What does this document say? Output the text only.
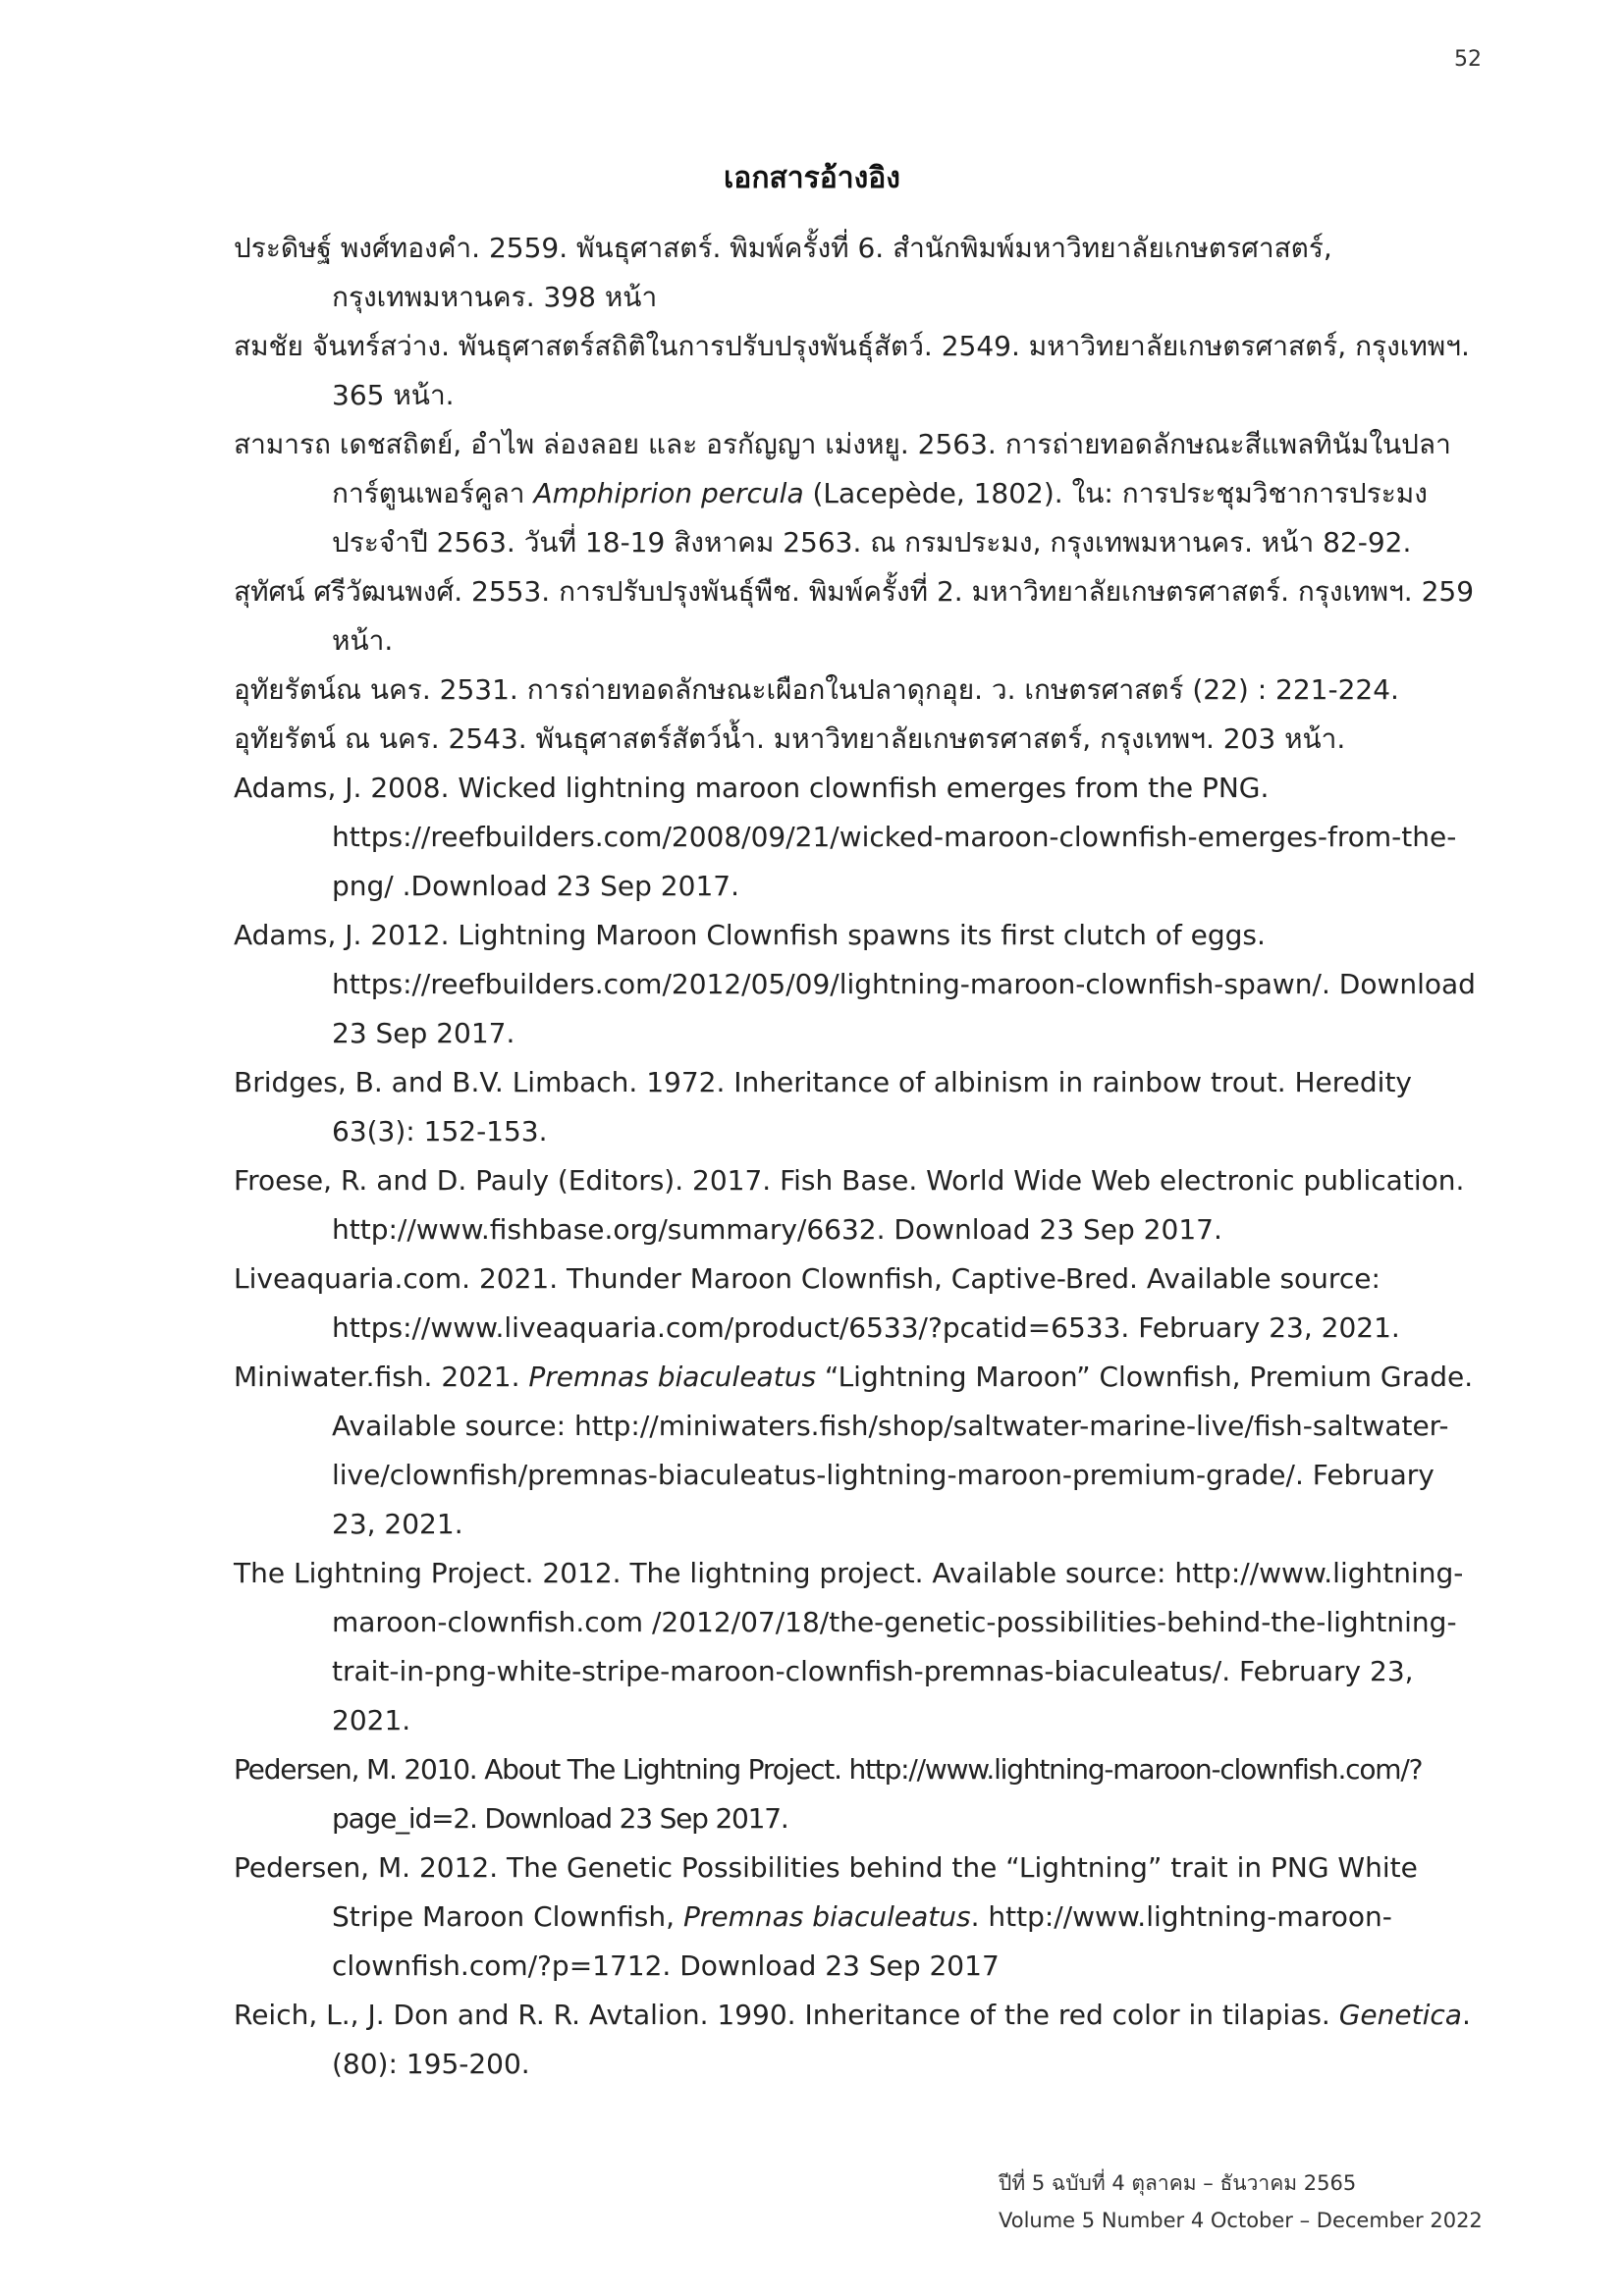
52
เอกสารอ้างอิง
ประดิษฐ์ พงศ์ทองคำ. 2559. พันธุศาสตร์. พิมพ์ครั้งที่ 6. สำนักพิมพ์มหาวิทยาลัยเกษตรศาสตร์, กรุงเทพมหานคร. 398 หน้า
สมชัย จันทร์สว่าง. พันธุศาสตร์สถิติในการปรับปรุงพันธุ์สัตว์. 2549. มหาวิทยาลัยเกษตรศาสตร์, กรุงเทพฯ. 365 หน้า.
สามารถ เดชสถิตย์, อำไพ ล่องลอย และ อรกัญญา เม่งหยู. 2563. การถ่ายทอดลักษณะสีแพลทินัมในปลาการ์ตูนเพอร์คูลา Amphiprion percula (Lacepède, 1802). ใน: การประชุมวิชาการประมงประจำปี 2563. วันที่ 18-19 สิงหาคม 2563. ณ กรมประมง, กรุงเทพมหานคร. หน้า 82-92.
สุทัศน์ ศรีวัฒนพงศ์. 2553. การปรับปรุงพันธุ์พืช. พิมพ์ครั้งที่ 2. มหาวิทยาลัยเกษตรศาสตร์. กรุงเทพฯ. 259 หน้า.
อุทัยรัตน์ณ นคร. 2531. การถ่ายทอดลักษณะเผือกในปลาดุกอุย. ว. เกษตรศาสตร์ (22) : 221-224.
อุทัยรัตน์ ณ นคร. 2543. พันธุศาสตร์สัตว์น้ำ. มหาวิทยาลัยเกษตรศาสตร์, กรุงเทพฯ. 203 หน้า.
Adams, J. 2008. Wicked lightning maroon clownfish emerges from the PNG. https://reefbuilders.com/2008/09/21/wicked-maroon-clownfish-emerges-from-the-png/ .Download 23 Sep 2017.
Adams, J. 2012. Lightning Maroon Clownfish spawns its first clutch of eggs. https://reefbuilders.com/2012/05/09/lightning-maroon-clownfish-spawn/. Download 23 Sep 2017.
Bridges, B. and B.V. Limbach. 1972. Inheritance of albinism in rainbow trout. Heredity 63(3): 152-153.
Froese, R. and D. Pauly (Editors). 2017. Fish Base. World Wide Web electronic publication. http://www.fishbase.org/summary/6632. Download 23 Sep 2017.
Liveaquaria.com. 2021. Thunder Maroon Clownfish, Captive-Bred. Available source: https://www.liveaquaria.com/product/6533/?pcatid=6533. February 23, 2021.
Miniwater.fish. 2021. Premnas biaculeatus “Lightning Maroon” Clownfish, Premium Grade. Available source: http://miniwaters.fish/shop/saltwater-marine-live/fish-saltwater-live/clownfish/premnas-biaculeatus-lightning-maroon-premium-grade/. February 23, 2021.
The Lightning Project. 2012. The lightning project. Available source: http://www.lightning-maroon-clownfish.com /2012/07/18/the-genetic-possibilities-behind-the-lightning-trait-in-png-white-stripe-maroon-clownfish-premnas-biaculeatus/. February 23, 2021.
Pedersen, M. 2010. About The Lightning Project. http://www.lightning-maroon-clownfish.com/?page_id=2. Download 23 Sep 2017.
Pedersen, M. 2012. The Genetic Possibilities behind the “Lightning” trait in PNG White Stripe Maroon Clownfish, Premnas biaculeatus. http://www.lightning-maroon-clownfish.com/?p=1712. Download 23 Sep 2017
Reich, L., J. Don and R. R. Avtalion. 1990. Inheritance of the red color in tilapias. Genetica. (80): 195-200.
ปีที่ 5 ฉบับที่ 4 ตุลาคม – ธันวาคม 2565
Volume 5 Number 4 October – December 2022
